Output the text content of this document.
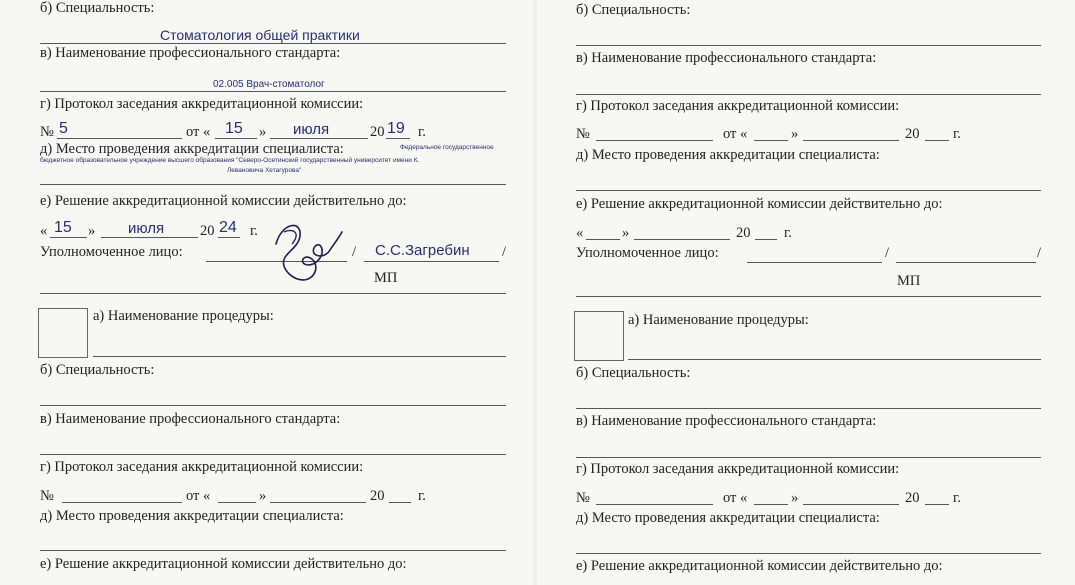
б) Специальность:
Стоматология общей практики
в) Наименование профессионального стандарта:
02.005 Врач-стоматолог
г) Протокол заседания аккредитационной комиссии:
№ 5	от « 15 » июля	20 19 г.
д) Место проведения аккредитации специалиста:	Федеральное государственное
бюджетное образовательное учреждение высшего образования "Северо-Осетинский государственный университет имени К.
Левановича Хетагурова"
е) Решение аккредитационной комиссии действительно до:
« 15 » июля 20 24 г.
Уполномоченное лицо:	/ С.С.Загребин /
МП
а) Наименование процедуры:
б) Специальность:
в) Наименование профессионального стандарта:
г) Протокол заседания аккредитационной комиссии:
№	от «	»	20 г.
д) Место проведения аккредитации специалиста:
е) Решение аккредитационной комиссии действительно до:
б) Специальность:
в) Наименование профессионального стандарта:
г) Протокол заседания аккредитационной комиссии:
№	от «	»	20 г.
д) Место проведения аккредитации специалиста:
е) Решение аккредитационной комиссии действительно до:
«	»	20 г.
Уполномоченное лицо:	/	/
МП
а) Наименование процедуры:
б) Специальность:
в) Наименование профессионального стандарта:
г) Протокол заседания аккредитационной комиссии:
№	от «	»	20 г.
д) Место проведения аккредитации специалиста:
е) Решение аккредитационной комиссии действительно до:
